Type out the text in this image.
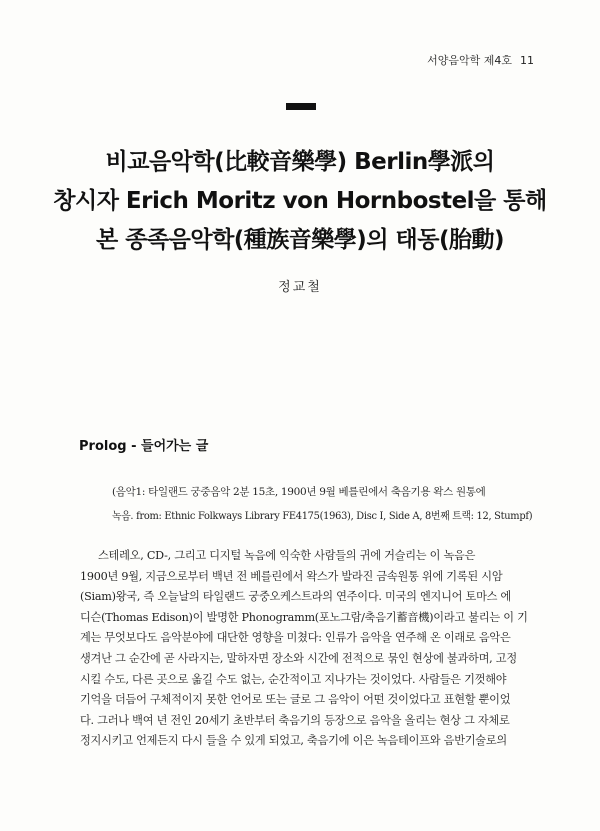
서양음악학 제4호 11
비교음악학(比較音樂學) Berlin學派의
창시자 Erich Moritz von Hornbostel을 통해
본 종족음악학(種族音樂學)의 태동(胎動)
정교철
Prolog - 들어가는 글
(음악1: 타일랜드 궁중음악 2분 15초, 1900년 9월 베를린에서 축음기용 왁스 원통에
녹음. from: Ethnic Folkways Library FE4175(1963), Disc I, Side A, 8번째 트랙: 12, Stumpf)
스테레오, CD-, 그리고 디지털 녹음에 익숙한 사람들의 귀에 거슬리는 이 녹음은
1900년 9월, 지금으로부터 백년 전 베를린에서 왁스가 발라진 금속원통 위에 기록된 시암
(Siam)왕국, 즉 오늘날의 타일랜드 궁중오케스트라의 연주이다. 미국의 엔지니어 토마스 에
디슨(Thomas Edison)이 발명한 Phonogramm(포노그람/축음기蓄音機)이라고 불리는 이 기
계는 무엇보다도 음악분야에 대단한 영향을 미쳤다: 인류가 음악을 연주해 온 이래로 음악은
생겨난 그 순간에 곧 사라지는, 말하자면 장소와 시간에 전적으로 묶인 현상에 불과하며, 고정
시킬 수도, 다른 곳으로 옮길 수도 없는, 순간적이고 지나가는 것이었다. 사람들은 기껏해야
기억을 더듬어 구체적이지 못한 언어로 또는 글로 그 음악이 어떤 것이었다고 표현할 뿐이었
다. 그러나 백여 년 전인 20세기 초반부터 축음기의 등장으로 음악을 올리는 현상 그 자체로
정지시키고 언제든지 다시 들을 수 있게 되었고, 축음기에 이은 녹음테이프와 음반기술로의
